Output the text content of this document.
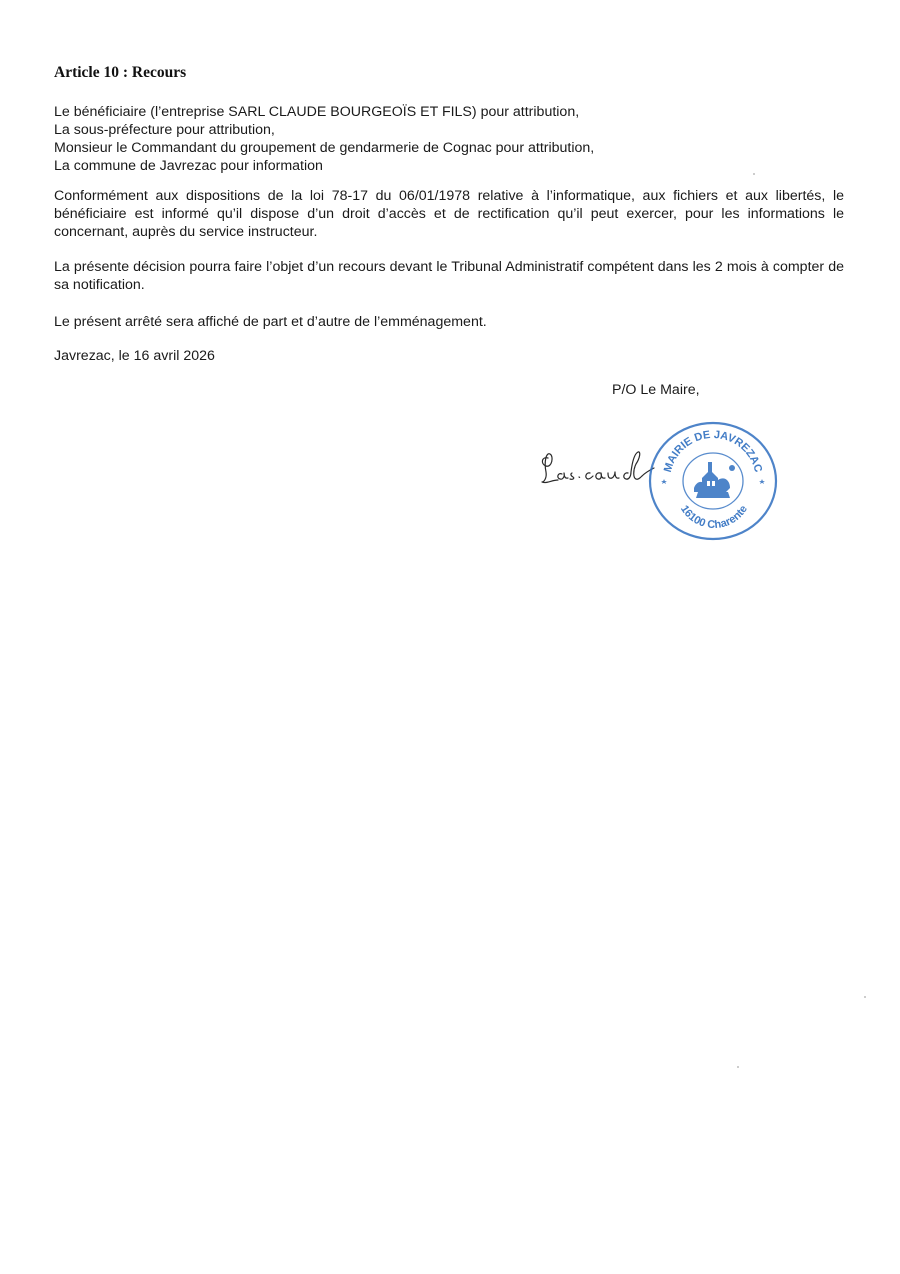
Article 10 : Recours
Le bénéficiaire (l’entreprise SARL CLAUDE BOURGEOÏS ET FILS) pour attribution,
La sous-préfecture pour attribution,
Monsieur le Commandant du groupement de gendarmerie de Cognac pour attribution,
La commune de Javrezac pour information

Conformément aux dispositions de la loi 78-17 du 06/01/1978 relative à l’informatique, aux fichiers et aux libertés, le bénéficiaire est informé qu’il dispose d’un droit d’accès et de rectification qu’il peut exercer, pour les informations le concernant, auprès du service instructeur.

La présente décision pourra faire l’objet d’un recours devant le Tribunal Administratif compétent dans les 2 mois à compter de sa notification.

Le présent arrêté sera affiché de part et d’autre de l’emménagement.

Javrezac, le 16 avril 2026

P/O Le Maire,

MAIRIE DE JAVREZAC
16100 Charente
